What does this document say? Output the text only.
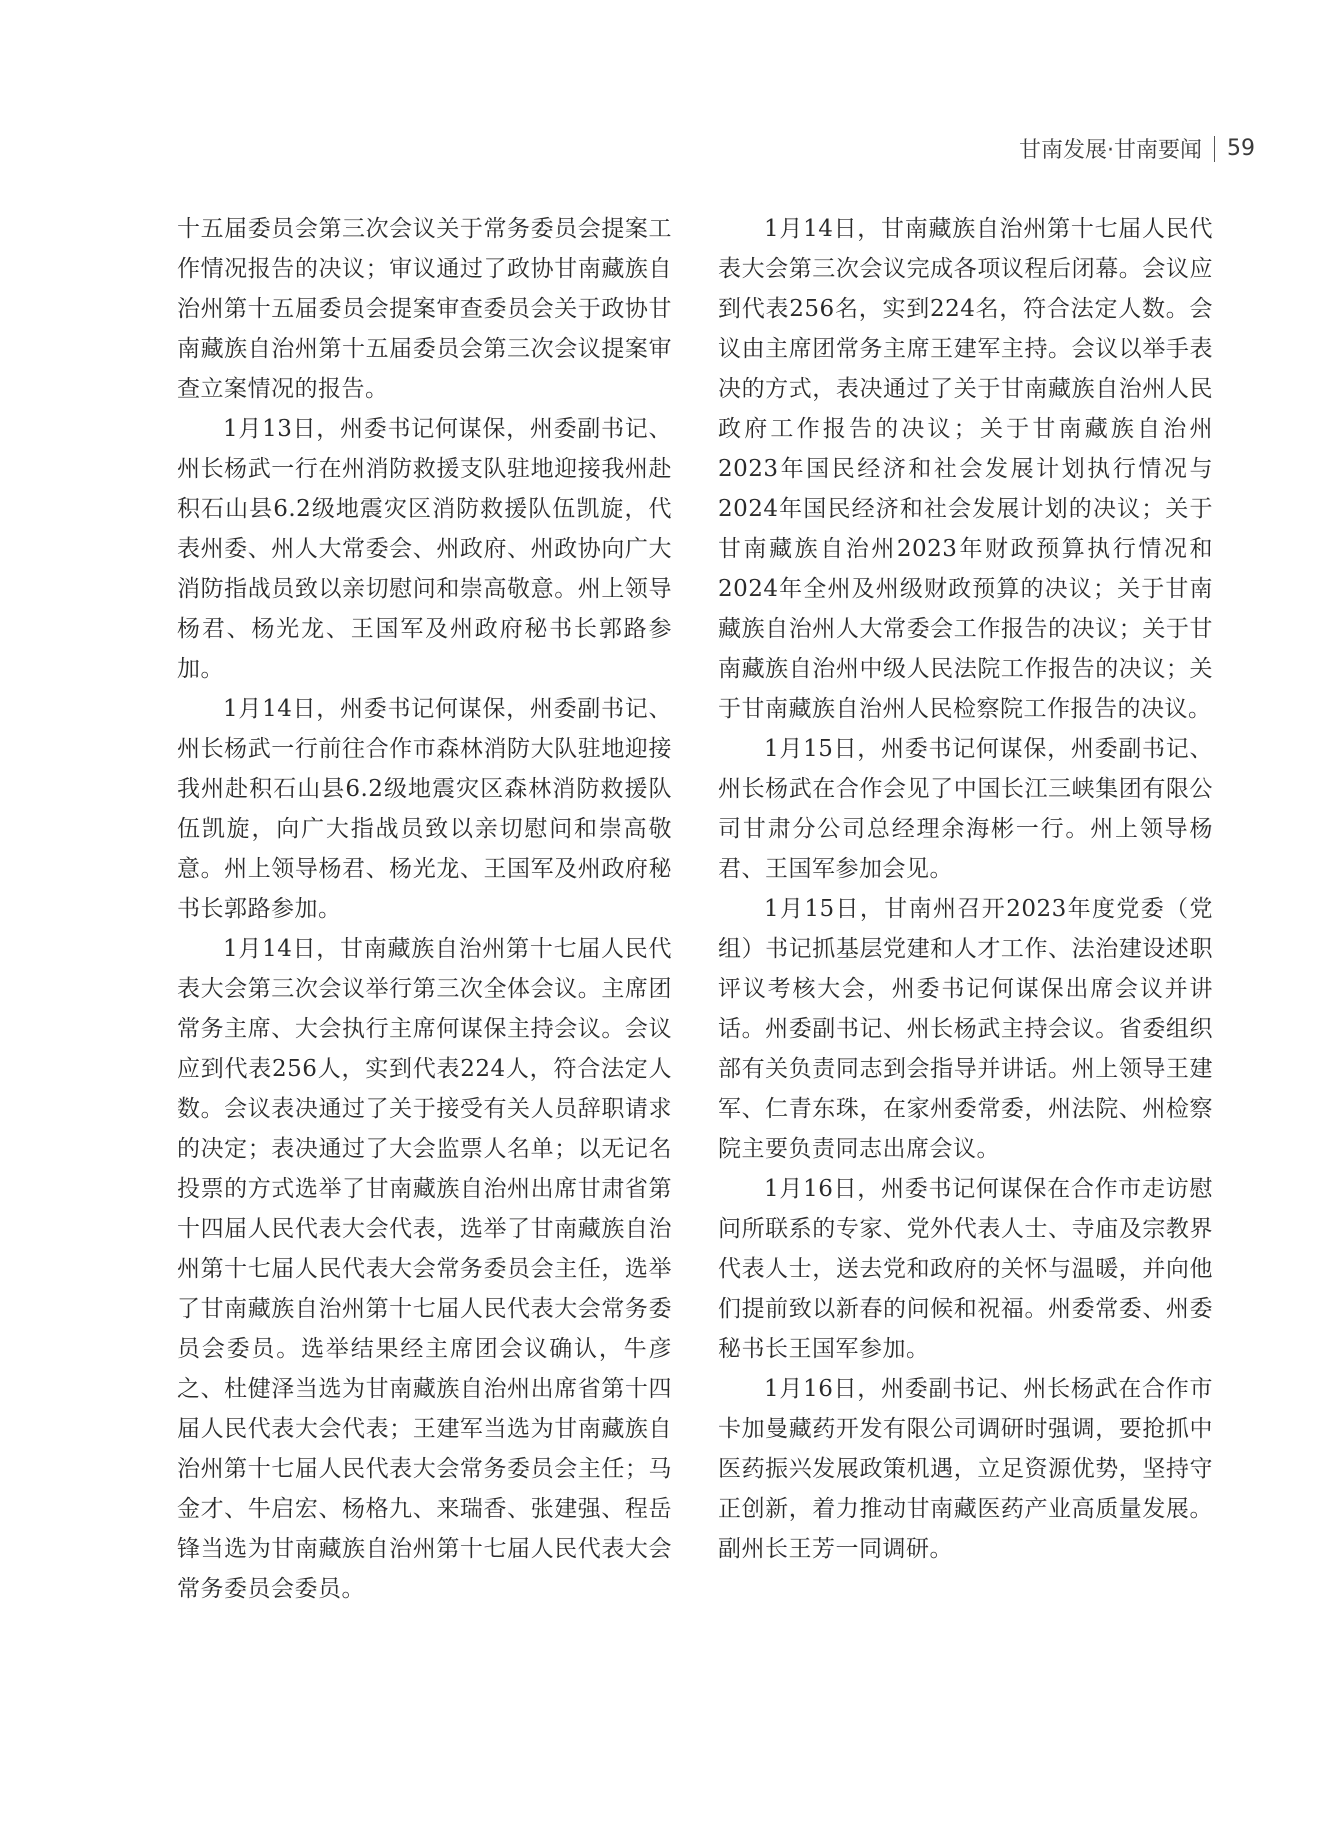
甘南发展·甘南要闻 59

十五届委员会第三次会议关于常务委员会提案工作情况报告的决议；审议通过了政协甘南藏族自治州第十五届委员会提案审查委员会关于政协甘南藏族自治州第十五届委员会第三次会议提案审查立案情况的报告。

1月13日，州委书记何谋保，州委副书记、州长杨武一行在州消防救援支队驻地迎接我州赴积石山县6.2级地震灾区消防救援队伍凯旋，代表州委、州人大常委会、州政府、州政协向广大消防指战员致以亲切慰问和崇高敬意。州上领导杨君、杨光龙、王国军及州政府秘书长郭路参加。

1月14日，州委书记何谋保，州委副书记、州长杨武一行前往合作市森林消防大队驻地迎接我州赴积石山县6.2级地震灾区森林消防救援队伍凯旋，向广大指战员致以亲切慰问和崇高敬意。州上领导杨君、杨光龙、王国军及州政府秘书长郭路参加。

1月14日，甘南藏族自治州第十七届人民代表大会第三次会议举行第三次全体会议。主席团常务主席、大会执行主席何谋保主持会议。会议应到代表256人，实到代表224人，符合法定人数。会议表决通过了关于接受有关人员辞职请求的决定；表决通过了大会监票人名单；以无记名投票的方式选举了甘南藏族自治州出席甘肃省第十四届人民代表大会代表，选举了甘南藏族自治州第十七届人民代表大会常务委员会主任，选举了甘南藏族自治州第十七届人民代表大会常务委员会委员。选举结果经主席团会议确认，牛彦之、杜健泽当选为甘南藏族自治州出席省第十四届人民代表大会代表；王建军当选为甘南藏族自治州第十七届人民代表大会常务委员会主任；马金才、牛启宏、杨格九、来瑞香、张建强、程岳锋当选为甘南藏族自治州第十七届人民代表大会常务委员会委员。

1月14日，甘南藏族自治州第十七届人民代表大会第三次会议完成各项议程后闭幕。会议应到代表256名，实到224名，符合法定人数。会议由主席团常务主席王建军主持。会议以举手表决的方式，表决通过了关于甘南藏族自治州人民政府工作报告的决议；关于甘南藏族自治州2023年国民经济和社会发展计划执行情况与2024年国民经济和社会发展计划的决议；关于甘南藏族自治州2023年财政预算执行情况和2024年全州及州级财政预算的决议；关于甘南藏族自治州人大常委会工作报告的决议；关于甘南藏族自治州中级人民法院工作报告的决议；关于甘南藏族自治州人民检察院工作报告的决议。

1月15日，州委书记何谋保，州委副书记、州长杨武在合作会见了中国长江三峡集团有限公司甘肃分公司总经理余海彬一行。州上领导杨君、王国军参加会见。

1月15日，甘南州召开2023年度党委（党组）书记抓基层党建和人才工作、法治建设述职评议考核大会，州委书记何谋保出席会议并讲话。州委副书记、州长杨武主持会议。省委组织部有关负责同志到会指导并讲话。州上领导王建军、仁青东珠，在家州委常委，州法院、州检察院主要负责同志出席会议。

1月16日，州委书记何谋保在合作市走访慰问所联系的专家、党外代表人士、寺庙及宗教界代表人士，送去党和政府的关怀与温暖，并向他们提前致以新春的问候和祝福。州委常委、州委秘书长王国军参加。

1月16日，州委副书记、州长杨武在合作市卡加曼藏药开发有限公司调研时强调，要抢抓中医药振兴发展政策机遇，立足资源优势，坚持守正创新，着力推动甘南藏医药产业高质量发展。副州长王芳一同调研。
